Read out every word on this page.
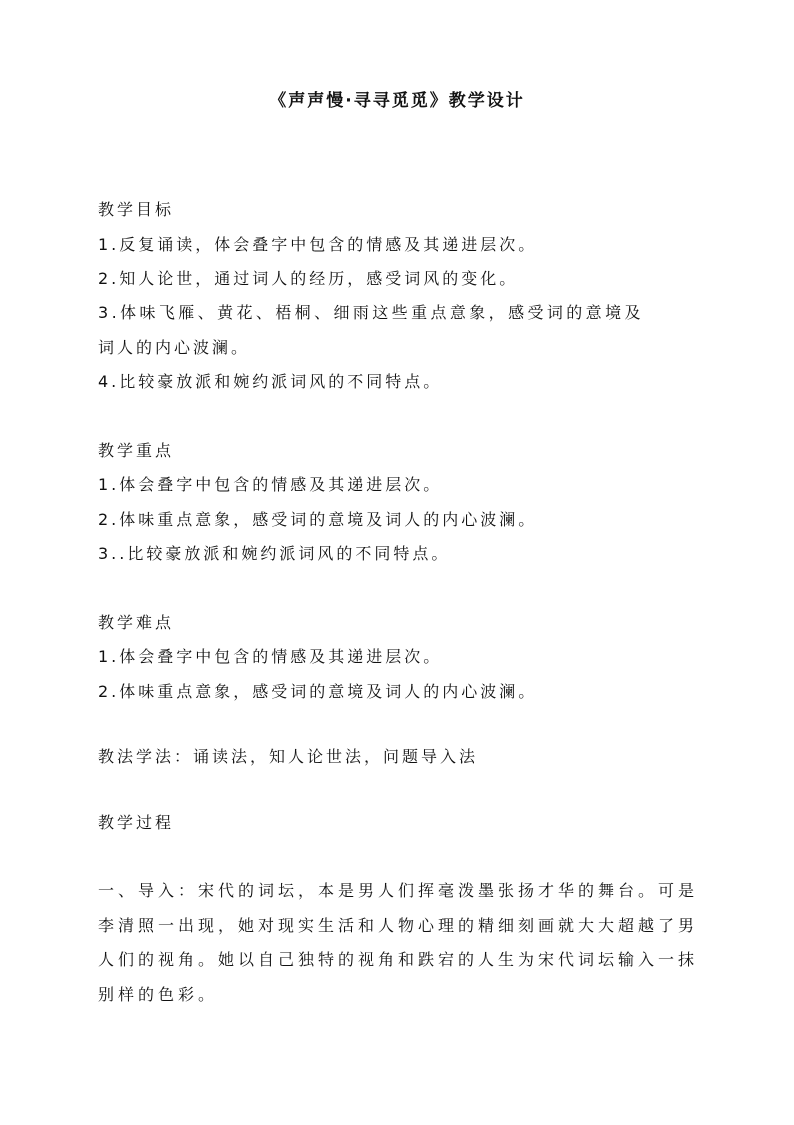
《声声慢·寻寻觅觅》教学设计
教学目标
1.反复诵读，体会叠字中包含的情感及其递进层次。
2.知人论世，通过词人的经历，感受词风的变化。
3.体味飞雁、黄花、梧桐、细雨这些重点意象，感受词的意境及
词人的内心波澜。
4.比较豪放派和婉约派词风的不同特点。
教学重点
1.体会叠字中包含的情感及其递进层次。
2.体味重点意象，感受词的意境及词人的内心波澜。
3..比较豪放派和婉约派词风的不同特点。
教学难点
1.体会叠字中包含的情感及其递进层次。
2.体味重点意象，感受词的意境及词人的内心波澜。
教法学法：诵读法，知人论世法，问题导入法
教学过程
一、导入：宋代的词坛，本是男人们挥毫泼墨张扬才华的舞台。可是李清照一出现，她对现实生活和人物心理的精细刻画就大大超越了男人们的视角。她以自己独特的视角和跌宕的人生为宋代词坛输入一抹别样的色彩。
